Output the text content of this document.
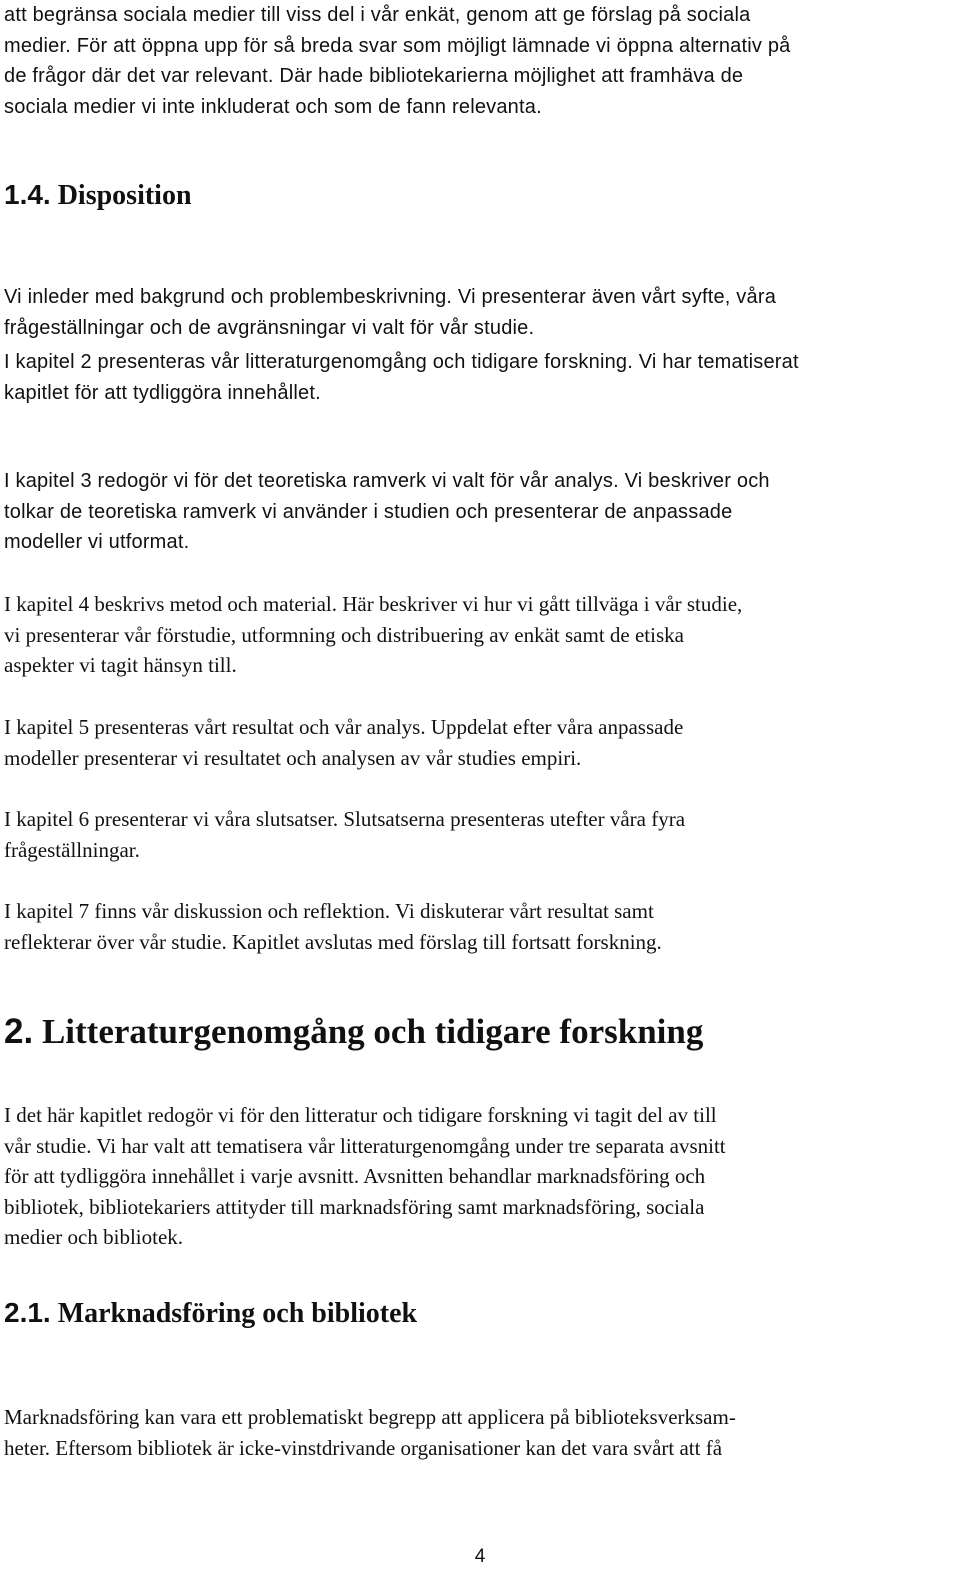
att begränsa sociala medier till viss del i vår enkät, genom att ge förslag på sociala

medier. För att öppna upp för så breda svar som möjligt lämnade vi öppna alternativ på

de frågor där det var relevant. Där hade bibliotekarierna möjlighet att framhäva de

sociala medier vi inte inkluderat och som de fann relevanta.

1.4. Disposition

Vi inleder med bakgrund och problembeskrivning. Vi presenterar även vårt syfte, våra

frågeställningar och de avgränsningar vi valt för vår studie.

I kapitel 2 presenteras vår litteraturgenomgång och tidigare forskning. Vi har tematiserat

kapitlet för att tydliggöra innehållet.

I kapitel 3 redogör vi för det teoretiska ramverk vi valt för vår analys. Vi beskriver och

tolkar de teoretiska ramverk vi använder i studien och presenterar de anpassade

modeller vi utformat.

I kapitel 4 beskrivs metod och material. Här beskriver vi hur vi gått tillväga i vår studie,

vi presenterar vår förstudie, utformning och distribuering av enkät samt de etiska

aspekter vi tagit hänsyn till.

I kapitel 5 presenteras vårt resultat och vår analys. Uppdelat efter våra anpassade

modeller presenterar vi resultatet och analysen av vår studies empiri.

I kapitel 6 presenterar vi våra slutsatser. Slutsatserna presenteras utefter våra fyra

frågeställningar.

I kapitel 7 finns vår diskussion och reflektion. Vi diskuterar vårt resultat samt

reflekterar över vår studie. Kapitlet avslutas med förslag till fortsatt forskning.

2. Litteraturgenomgång och tidigare forskning

I det här kapitlet redogör vi för den litteratur och tidigare forskning vi tagit del av till

vår studie. Vi har valt att tematisera vår litteraturgenomgång under tre separata avsnitt

för att tydliggöra innehållet i varje avsnitt. Avsnitten behandlar marknadsföring och

bibliotek, bibliotekariers attityder till marknadsföring samt marknadsföring, sociala

medier och bibliotek.

2.1. Marknadsföring och bibliotek

Marknadsföring kan vara ett problematiskt begrepp att applicera på biblioteksverksam-

heter. Eftersom bibliotek är icke-vinstdrivande organisationer kan det vara svårt att få

4
